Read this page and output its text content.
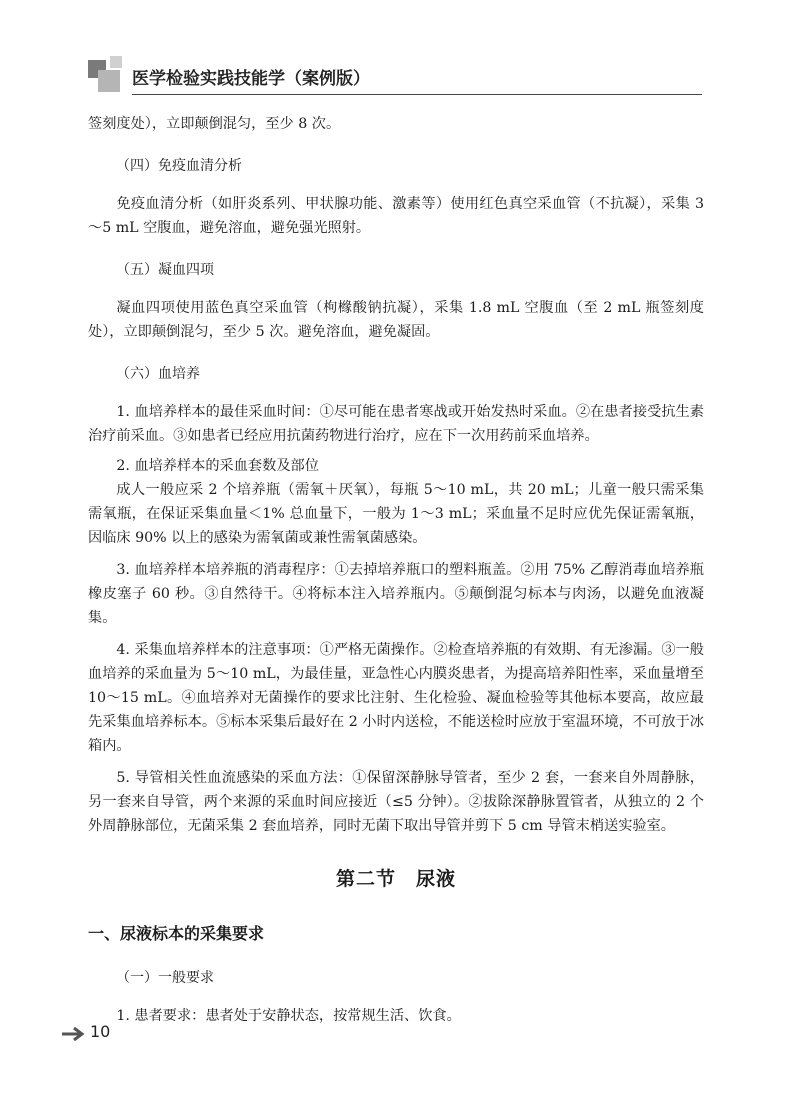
医学检验实践技能学（案例版）

签刻度处），立即颠倒混匀，至少 8 次。

（四）免疫血清分析

免疫血清分析（如肝炎系列、甲状腺功能、激素等）使用红色真空采血管（不抗凝），采集 3～5 mL 空腹血，避免溶血，避免强光照射。

（五）凝血四项

凝血四项使用蓝色真空采血管（枸橼酸钠抗凝），采集 1.8 mL 空腹血（至 2 mL 瓶签刻度处），立即颠倒混匀，至少 5 次。避免溶血，避免凝固。

（六）血培养

1. 血培养样本的最佳采血时间：①尽可能在患者寒战或开始发热时采血。②在患者接受抗生素治疗前采血。③如患者已经应用抗菌药物进行治疗，应在下一次用药前采血培养。

2. 血培养样本的采血套数及部位

成人一般应采 2 个培养瓶（需氧＋厌氧），每瓶 5～10 mL，共 20 mL；儿童一般只需采集需氧瓶，在保证采集血量＜1% 总血量下，一般为 1～3 mL；采血量不足时应优先保证需氧瓶，因临床 90% 以上的感染为需氧菌或兼性需氧菌感染。

3. 血培养样本培养瓶的消毒程序：①去掉培养瓶口的塑料瓶盖。②用 75% 乙醇消毒血培养瓶橡皮塞子 60 秒。③自然待干。④将标本注入培养瓶内。⑤颠倒混匀标本与肉汤，以避免血液凝集。

4. 采集血培养样本的注意事项：①严格无菌操作。②检查培养瓶的有效期、有无渗漏。③一般血培养的采血量为 5～10 mL，为最佳量，亚急性心内膜炎患者，为提高培养阳性率，采血量增至 10～15 mL。④血培养对无菌操作的要求比注射、生化检验、凝血检验等其他标本要高，故应最先采集血培养标本。⑤标本采集后最好在 2 小时内送检，不能送检时应放于室温环境，不可放于冰箱内。

5. 导管相关性血流感染的采血方法：①保留深静脉导管者，至少 2 套，一套来自外周静脉，另一套来自导管，两个来源的采血时间应接近（≤5 分钟）。②拔除深静脉置管者，从独立的 2 个外周静脉部位，无菌采集 2 套血培养，同时无菌下取出导管并剪下 5 cm 导管末梢送实验室。

第二节　尿液
一、尿液标本的采集要求
（一）一般要求

1. 患者要求：患者处于安静状态，按常规生活、饮食。

10
